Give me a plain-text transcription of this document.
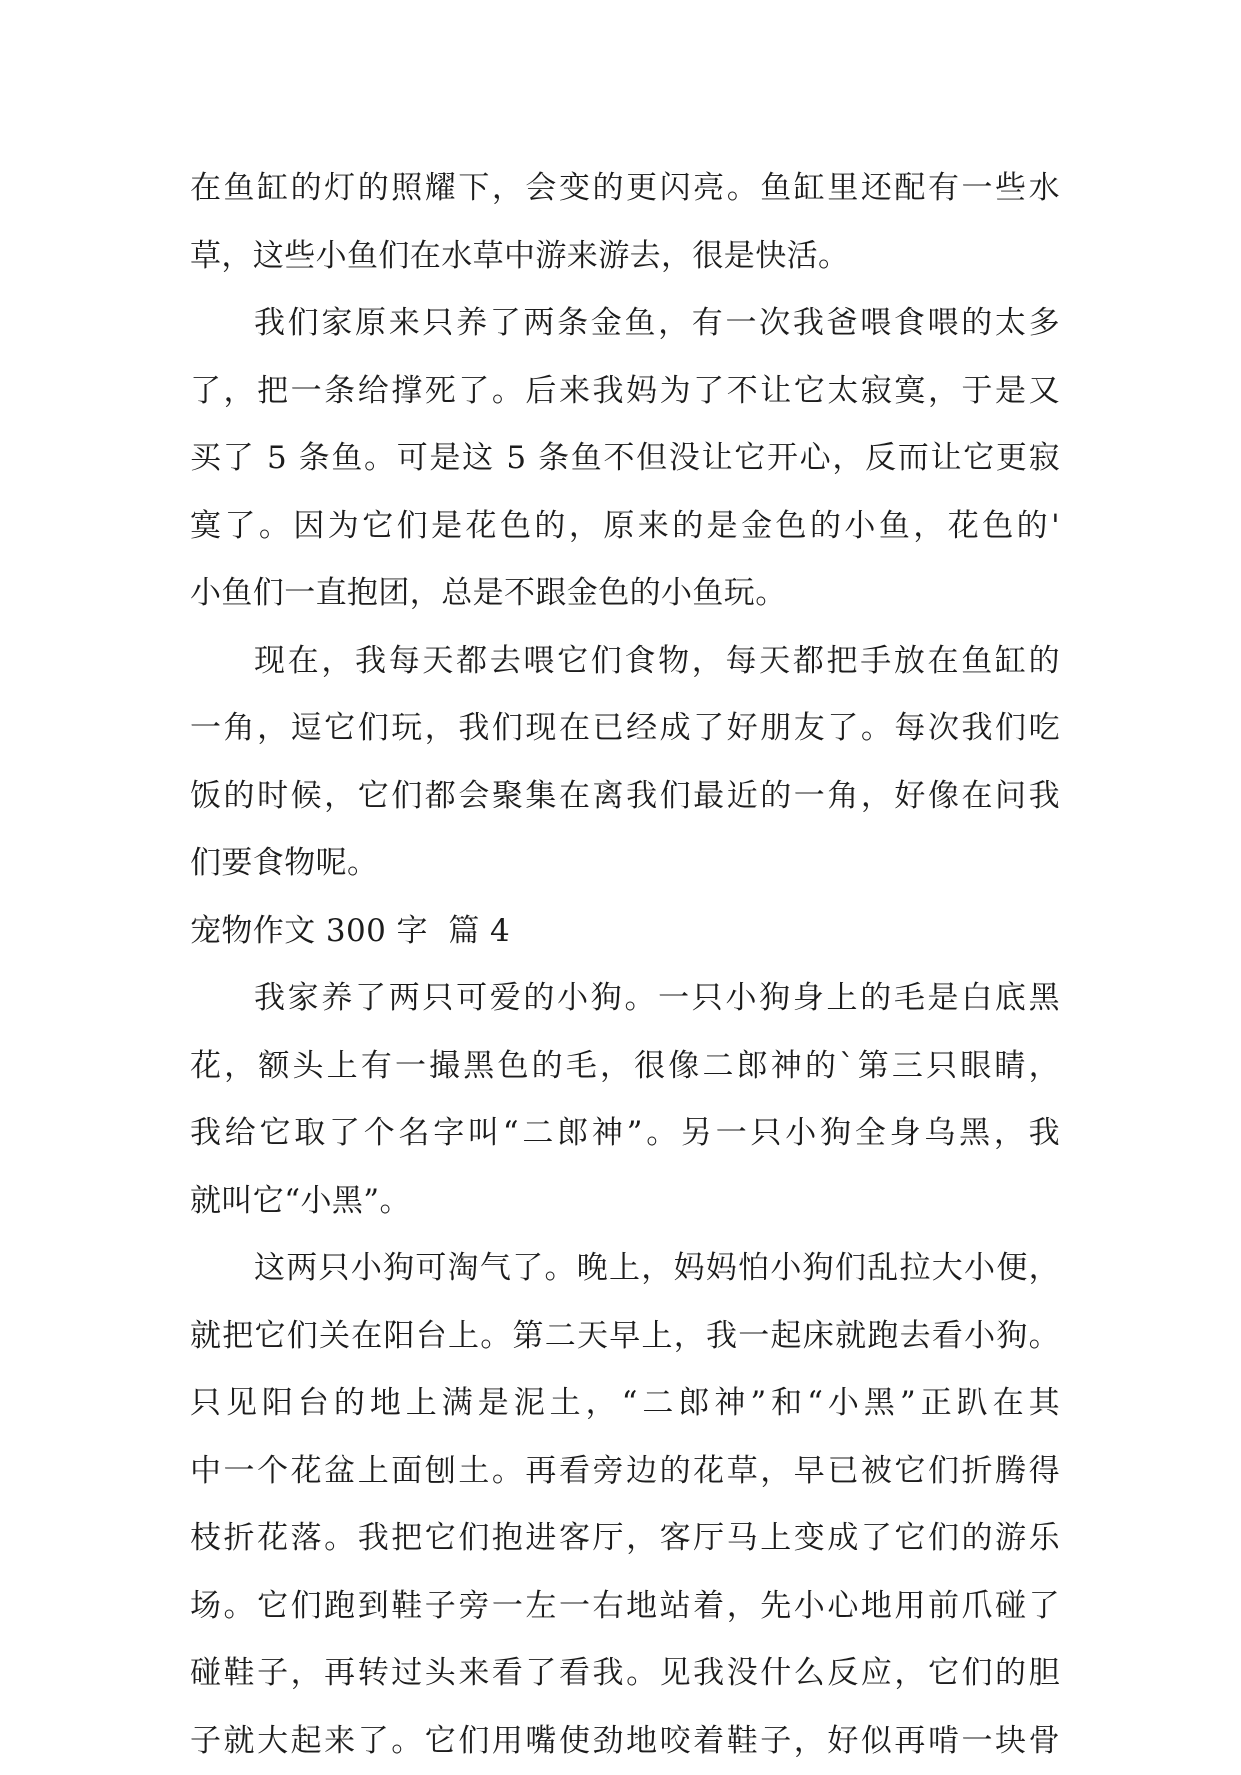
在鱼缸的灯的照耀下，会变的更闪亮。鱼缸里还配有一些水
草，这些小鱼们在水草中游来游去，很是快活。
我们家原来只养了两条金鱼，有一次我爸喂食喂的太多
了，把一条给撑死了。后来我妈为了不让它太寂寞，于是又
买了 5 条鱼。可是这 5 条鱼不但没让它开心，反而让它更寂
寞了。因为它们是花色的，原来的是金色的小鱼，花色的'
小鱼们一直抱团，总是不跟金色的小鱼玩。
现在，我每天都去喂它们食物，每天都把手放在鱼缸的
一角，逗它们玩，我们现在已经成了好朋友了。每次我们吃
饭的时候，它们都会聚集在离我们最近的一角，好像在问我
们要食物呢。
宠物作文 300 字  篇 4
我家养了两只可爱的小狗。一只小狗身上的毛是白底黑
花，额头上有一撮黑色的毛，很像二郎神的`第三只眼睛，
我给它取了个名字叫“二郎神”。另一只小狗全身乌黑，我
就叫它“小黑”。
这两只小狗可淘气了。晚上，妈妈怕小狗们乱拉大小便，
就把它们关在阳台上。第二天早上，我一起床就跑去看小狗。
只见阳台的地上满是泥土，“二郎神”和“小黑”正趴在其
中一个花盆上面刨土。再看旁边的花草，早已被它们折腾得
枝折花落。我把它们抱进客厅，客厅马上变成了它们的游乐
场。它们跑到鞋子旁一左一右地站着，先小心地用前爪碰了
碰鞋子，再转过头来看了看我。见我没什么反应，它们的胆
子就大起来了。它们用嘴使劲地咬着鞋子，好似再啃一块骨
